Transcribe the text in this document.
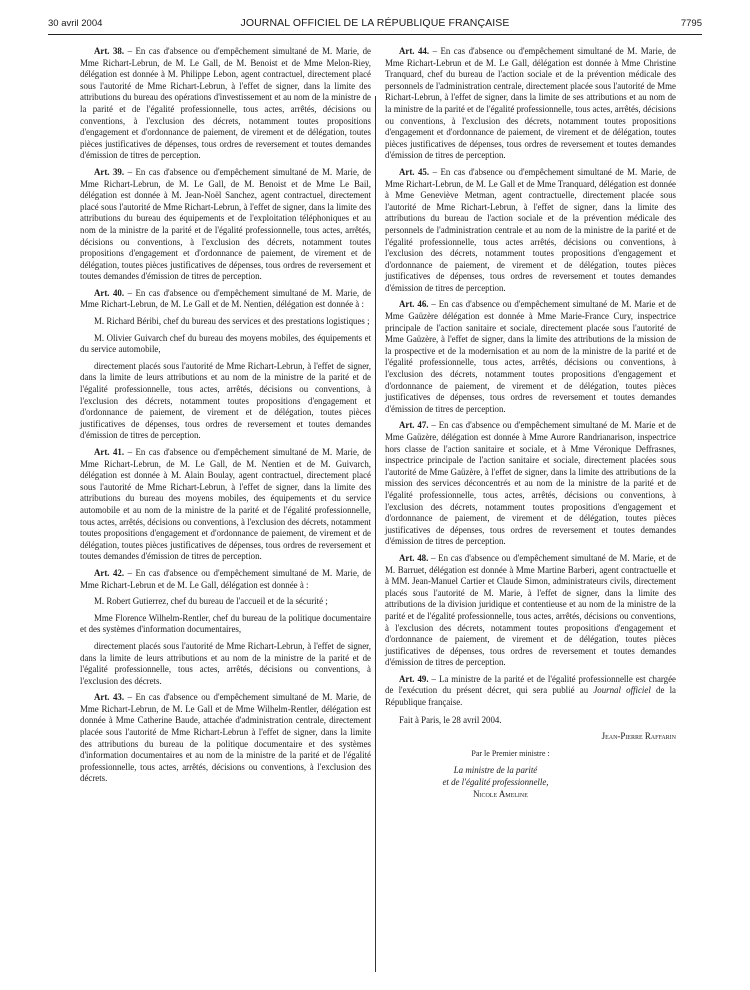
30 avril 2004	JOURNAL OFFICIEL DE LA RÉPUBLIQUE FRANÇAISE	7795

Art. 38. – En cas d'absence ou d'empêchement simultané de M. Marie, de Mme Richart-Lebrun, de M. Le Gall, de M. Benoist et de Mme Melon-Riey, délégation est donnée à M. Philippe Lebon, agent contractuel, directement placé sous l'autorité de Mme Richart-Lebrun, à l'effet de signer, dans la limite des attributions du bureau des opérations d'investissement et au nom de la ministre de la parité et de l'égalité professionnelle, tous actes, arrêtés, décisions ou conventions, à l'exclusion des décrets, notamment toutes propositions d'engagement et d'ordonnance de paiement, de virement et de délégation, toutes pièces justificatives de dépenses, tous ordres de reversement et toutes demandes d'émission de titres de perception.

Art. 39. – En cas d'absence ou d'empêchement simultané de M. Marie, de Mme Richart-Lebrun, de M. Le Gall, de M. Benoist et de Mme Le Bail, délégation est donnée à M. Jean-Noël Sanchez, agent contractuel, directement placé sous l'autorité de Mme Richart-Lebrun, à l'effet de signer, dans la limite des attributions du bureau des équipements et de l'exploitation téléphoniques et au nom de la ministre de la parité et de l'égalité professionnelle, tous actes, arrêtés, décisions ou conventions, à l'exclusion des décrets, notamment toutes propositions d'engagement et d'ordonnance de paiement, de virement et de délégation, toutes pièces justificatives de dépenses, tous ordres de reversement et toutes demandes d'émission de titres de perception.

Art. 40. – En cas d'absence ou d'empêchement simultané de M. Marie, de Mme Richart-Lebrun, de M. Le Gall et de M. Nentien, délégation est donnée à :

M. Richard Béribi, chef du bureau des services et des prestations logistiques ;

M. Olivier Guivarch chef du bureau des moyens mobiles, des équipements et du service automobile,

directement placés sous l'autorité de Mme Richart-Lebrun, à l'effet de signer, dans la limite de leurs attributions et au nom de la ministre de la parité et de l'égalité professionnelle, tous actes, arrêtés, décisions ou conventions, à l'exclusion des décrets, notamment toutes propositions d'engagement et d'ordonnance de paiement, de virement et de délégation, toutes pièces justificatives de dépenses, tous ordres de reversement et toutes demandes d'émission de titres de perception.

Art. 41. – En cas d'absence ou d'empêchement simultané de M. Marie, de Mme Richart-Lebrun, de M. Le Gall, de M. Nentien et de M. Guivarch, délégation est donnée à M. Alain Boulay, agent contractuel, directement placé sous l'autorité de Mme Richart-Lebrun, à l'effet de signer, dans la limite des attributions du bureau des moyens mobiles, des équipements et du service automobile et au nom de la ministre de la parité et de l'égalité professionnelle, tous actes, arrêtés, décisions ou conventions, à l'exclusion des décrets, notamment toutes propositions d'engagement et d'ordonnance de paiement, de virement et de délégation, toutes pièces justificatives de dépenses, tous ordres de reversement et toutes demandes d'émission de titres de perception.

Art. 42. – En cas d'absence ou d'empêchement simultané de M. Marie, de Mme Richart-Lebrun et de M. Le Gall, délégation est donnée à :

M. Robert Gutierrez, chef du bureau de l'accueil et de la sécurité ;

Mme Florence Wilhelm-Rentler, chef du bureau de la politique documentaire et des systèmes d'information documentaires,

directement placés sous l'autorité de Mme Richart-Lebrun, à l'effet de signer, dans la limite de leurs attributions et au nom de la ministre de la parité et de l'égalité professionnelle, tous actes, arrêtés, décisions ou conventions, à l'exclusion des décrets.

Art. 43. – En cas d'absence ou d'empêchement simultané de M. Marie, de Mme Richart-Lebrun, de M. Le Gall et de Mme Wilhelm-Rentler, délégation est donnée à Mme Catherine Baude, attachée d'administration centrale, directement placée sous l'autorité de Mme Richart-Lebrun à l'effet de signer, dans la limite des attributions du bureau de la politique documentaire et des systèmes d'information documentaires et au nom de la ministre de la parité et de l'égalité professionnelle, tous actes, arrêtés, décisions ou conventions, à l'exclusion des décrets.

Art. 44. – En cas d'absence ou d'empêchement simultané de M. Marie, de Mme Richart-Lebrun et de M. Le Gall, délégation est donnée à Mme Christine Tranquard, chef du bureau de l'action sociale et de la prévention médicale des personnels de l'administration centrale, directement placée sous l'autorité de Mme Richart-Lebrun, à l'effet de signer, dans la limite de ses attributions et au nom de la ministre de la parité et de l'égalité professionnelle, tous actes, arrêtés, décisions ou conventions, à l'exclusion des décrets, notamment toutes propositions d'engagement et d'ordonnance de paiement, de virement et de délégation, toutes pièces justificatives de dépenses, tous ordres de reversement et toutes demandes d'émission de titres de perception.

Art. 45. – En cas d'absence ou d'empêchement simultané de M. Marie, de Mme Richart-Lebrun, de M. Le Gall et de Mme Tranquard, délégation est donnée à Mme Geneviève Metman, agent contractuelle, directement placée sous l'autorité de Mme Richart-Lebrun, à l'effet de signer, dans la limite des attributions du bureau de l'action sociale et de la prévention médicale des personnels de l'administration centrale et au nom de la ministre de la parité et de l'égalité professionnelle, tous actes arrêtés, décisions ou conventions, à l'exclusion des décrets, notamment toutes propositions d'engagement et d'ordonnance de paiement, de virement et de délégation, toutes pièces justificatives de dépenses, tous ordres de reversement et toutes demandes d'émission de titres de perception.

Art. 46. – En cas d'absence ou d'empêchement simultané de M. Marie et de Mme Gaüzère délégation est donnée à Mme Marie-France Cury, inspectrice principale de l'action sanitaire et sociale, directement placée sous l'autorité de Mme Gaüzère, à l'effet de signer, dans la limite des attributions de la mission de la prospective et de la modernisation et au nom de la ministre de la parité et de l'égalité professionnelle, tous actes, arrêtés, décisions ou conventions, à l'exclusion des décrets, notamment toutes propositions d'engagement et d'ordonnance de paiement, de virement et de délégation, toutes pièces justificatives de dépenses, tous ordres de reversement et toutes demandes d'émission de titres de perception.

Art. 47. – En cas d'absence ou d'empêchement simultané de M. Marie et de Mme Gaüzère, délégation est donnée à Mme Aurore Randrianarison, inspectrice hors classe de l'action sanitaire et sociale, et à Mme Véronique Deffrasnes, inspectrice principale de l'action sanitaire et sociale, directement placées sous l'autorité de Mme Gaüzère, à l'effet de signer, dans la limite des attributions de la mission des services déconcentrés et au nom de la ministre de la parité et de l'égalité professionnelle, tous actes, arrêtés, décisions ou conventions, à l'exclusion des décrets, notamment toutes propositions d'engagement et d'ordonnance de paiement, de virement et de délégation, toutes pièces justificatives de dépenses, tous ordres de reversement et toutes demandes d'émission de titres de perception.

Art. 48. – En cas d'absence ou d'empêchement simultané de M. Marie, et de M. Barruet, délégation est donnée à Mme Martine Barberi, agent contractuelle et à MM. Jean-Manuel Cartier et Claude Simon, administrateurs civils, directement placés sous l'autorité de M. Marie, à l'effet de signer, dans la limite des attributions de la division juridique et contentieuse et au nom de la ministre de la parité et de l'égalité professionnelle, tous actes, arrêtés, décisions ou conventions, à l'exclusion des décrets, notamment toutes propositions d'engagement et d'ordonnance de paiement, de virement et de délégation, toutes pièces justificatives de dépenses, tous ordres de reversement et toutes demandes d'émission de titres de perception.

Art. 49. – La ministre de la parité et de l'égalité professionnelle est chargée de l'exécution du présent décret, qui sera publié au Journal officiel de la République française.

Fait à Paris, le 28 avril 2004.

Jean-Pierre Raffarin
Par le Premier ministre :
La ministre de la parité
et de l'égalité professionnelle,
Nicole Ameline
